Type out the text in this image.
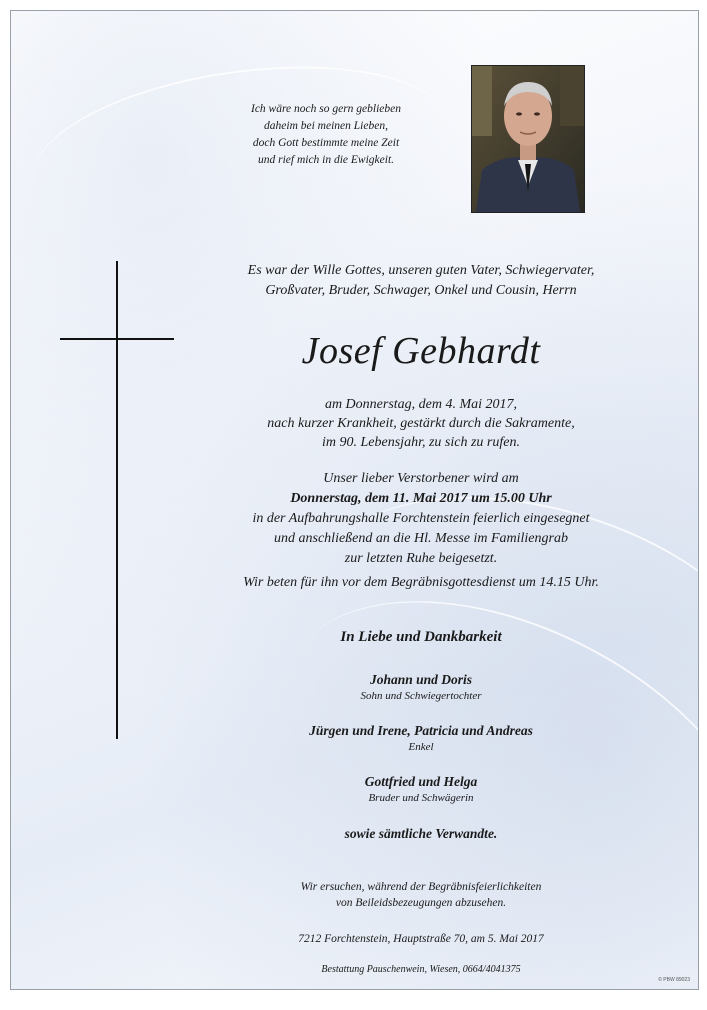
Ich wäre noch so gern geblieben
daheim bei meinen Lieben,
doch Gott bestimmte meine Zeit
und rief mich in die Ewigkeit.
Es war der Wille Gottes, unseren guten Vater, Schwiegervater,
Großvater, Bruder, Schwager, Onkel und Cousin, Herrn
Josef Gebhardt
am Donnerstag, dem 4. Mai 2017,
nach kurzer Krankheit, gestärkt durch die Sakramente,
im 90. Lebensjahr, zu sich zu rufen.
Unser lieber Verstorbener wird am
Donnerstag, dem 11. Mai 2017 um 15.00 Uhr
in der Aufbahrungshalle Forchtenstein feierlich eingesegnet
und anschließend an die Hl. Messe im Familiengrab
zur letzten Ruhe beigesetzt.
Wir beten für ihn vor dem Begräbnisgottesdienst um 14.15 Uhr.
In Liebe und Dankbarkeit
Johann und Doris
Sohn und Schwiegertochter
Jürgen und Irene, Patricia und Andreas
Enkel
Gottfried und Helga
Bruder und Schwägerin
sowie sämtliche Verwandte.
Wir ersuchen, während der Begräbnisfeierlichkeiten
von Beileidsbezeugungen abzusehen.
7212 Forchtenstein, Hauptstraße 70, am 5. Mai 2017
Bestattung Pauschenwein, Wiesen, 0664/4041375
© PBW 89023
